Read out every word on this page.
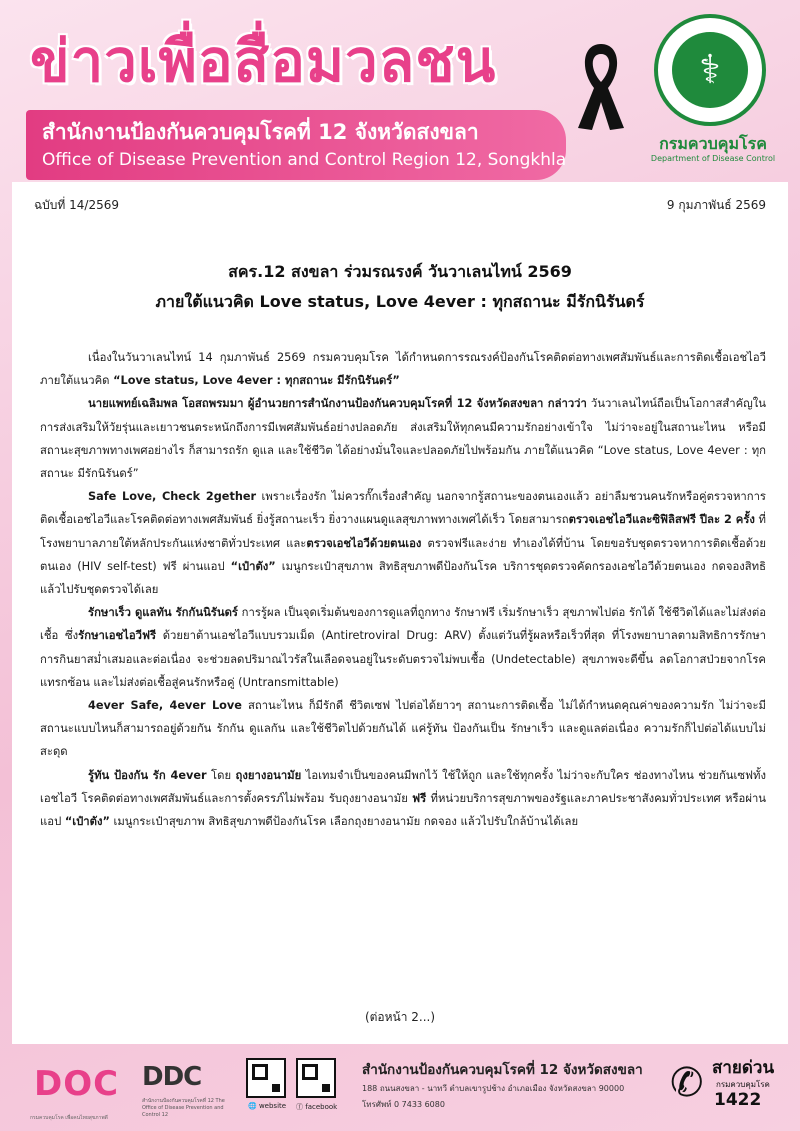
ข่าวเพื่อสื่อมวลชน
สำนักงานป้องกันควบคุมโรคที่ 12 จังหวัดสงขลา
Office of Disease Prevention and Control Region 12, Songkhla
⚕
กรมควบคุมโรค
Department of Disease Control
ฉบับที่ 14/2569	9 กุมภาพันธ์ 2569
สคร.12 สงขลา ร่วมรณรงค์ วันวาเลนไทน์ 2569
ภายใต้แนวคิด Love status, Love 4ever : ทุกสถานะ มีรักนิรันดร์

เนื่องในวันวาเลนไทน์ 14 กุมภาพันธ์ 2569 กรมควบคุมโรค ได้กำหนดการรณรงค์ป้องกันโรคติดต่อทางเพศสัมพันธ์และการติดเชื้อเอชไอวี ภายใต้แนวคิด “Love status, Love 4ever : ทุกสถานะ มีรักนิรันดร์”

นายแพทย์เฉลิมพล โอสถพรมมา ผู้อำนวยการสำนักงานป้องกันควบคุมโรคที่ 12 จังหวัดสงขลา กล่าวว่า วันวาเลนไทน์ถือเป็นโอกาสสำคัญในการส่งเสริมให้วัยรุ่นและเยาวชนตระหนักถึงการมีเพศสัมพันธ์อย่างปลอดภัย ส่งเสริมให้ทุกคนมีความรักอย่างเข้าใจ ไม่ว่าจะอยู่ในสถานะไหน หรือมีสถานะสุขภาพทางเพศอย่างไร ก็สามารถรัก ดูแล และใช้ชีวิต ได้อย่างมั่นใจและปลอดภัยไปพร้อมกัน ภายใต้แนวคิด “Love status, Love 4ever : ทุกสถานะ มีรักนิรันดร์”

Safe Love, Check 2gether เพราะเรื่องรัก ไม่ควรกั๊กเรื่องสำคัญ นอกจากรู้สถานะของตนเองแล้ว อย่าลืมชวนคนรักหรือคู่ตรวจหาการติดเชื้อเอชไอวีและโรคติดต่อทางเพศสัมพันธ์ ยิ่งรู้สถานะเร็ว ยิ่งวางแผนดูแลสุขภาพทางเพศได้เร็ว โดยสามารถตรวจเอชไอวีและซิฟิลิสฟรี ปีละ 2 ครั้ง ที่โรงพยาบาลภายใต้หลักประกันแห่งชาติทั่วประเทศ และตรวจเอชไอวีด้วยตนเอง ตรวจฟรีและง่าย ทำเองได้ที่บ้าน โดยขอรับชุดตรวจหาการติดเชื้อด้วยตนเอง (HIV self-test) ฟรี ผ่านแอป “เป๋าตัง” เมนูกระเป๋าสุขภาพ สิทธิสุขภาพดีป้องกันโรค บริการชุดตรวจคัดกรองเอชไอวีด้วยตนเอง กดจองสิทธิ แล้วไปรับชุดตรวจได้เลย

รักษาเร็ว ดูแลทัน รักกันนิรันดร์ การรู้ผล เป็นจุดเริ่มต้นของการดูแลที่ถูกทาง รักษาฟรี เริ่มรักษาเร็ว สุขภาพไปต่อ รักได้ ใช้ชีวิตได้และไม่ส่งต่อเชื้อ ซึ่งรักษาเอชไอวีฟรี ด้วยยาต้านเอชไอวีแบบรวมเม็ด (Antiretroviral Drug: ARV) ตั้งแต่วันที่รู้ผลหรือเร็วที่สุด ที่โรงพยาบาลตามสิทธิการรักษา การกินยาสม่ำเสมอและต่อเนื่อง จะช่วยลดปริมาณไวรัสในเลือดจนอยู่ในระดับตรวจไม่พบเชื้อ (Undetectable) สุขภาพจะดีขึ้น ลดโอกาสป่วยจากโรคแทรกซ้อน และไม่ส่งต่อเชื้อสู่คนรักหรือคู่ (Untransmittable)

4ever Safe, 4ever Love สถานะไหน ก็มีรักดี ชีวิตเซฟ ไปต่อได้ยาวๆ สถานะการติดเชื้อ ไม่ได้กำหนดคุณค่าของความรัก ไม่ว่าจะมีสถานะแบบไหนก็สามารถอยู่ด้วยกัน รักกัน ดูแลกัน และใช้ชีวิตไปด้วยกันได้ แค่รู้ทัน ป้องกันเป็น รักษาเร็ว และดูแลต่อเนื่อง ความรักก็ไปต่อได้แบบไม่สะดุด

รู้ทัน ป้องกัน รัก 4ever โดย ถุงยางอนามัย ไอเทมจำเป็นของคนมีพกไว้ ใช้ให้ถูก และใช้ทุกครั้ง ไม่ว่าจะกับใคร ช่องทางไหน ช่วยกันเซฟทั้งเอชไอวี โรคติดต่อทางเพศสัมพันธ์และการตั้งครรภ์ไม่พร้อม รับถุงยางอนามัย ฟรี ที่หน่วยบริการสุขภาพของรัฐและภาคประชาสังคมทั่วประเทศ หรือผ่านแอป “เป๋าตัง” เมนูกระเป๋าสุขภาพ สิทธิสุขภาพดีป้องกันโรค เลือกถุงยางอนามัย กดจอง แล้วไปรับใกล้บ้านได้เลย

(ต่อหน้า 2...)
DOC
กรมควบคุมโรค เพื่อคนไทยสุขภาพดี
DDC
สำนักงานป้องกันควบคุมโรคที่ 12 The Office of Disease Prevention and Control 12
🌐 website ⓕ facebook
สำนักงานป้องกันควบคุมโรคที่ 12 จังหวัดสงขลา
188 ถนนสงขลา - นาทวี ตำบลเขารูปช้าง อำเภอเมือง จังหวัดสงขลา 90000
โทรศัพท์ 0 7433 6080	✆ สายด่วน
กรมควบคุมโรค
1422
